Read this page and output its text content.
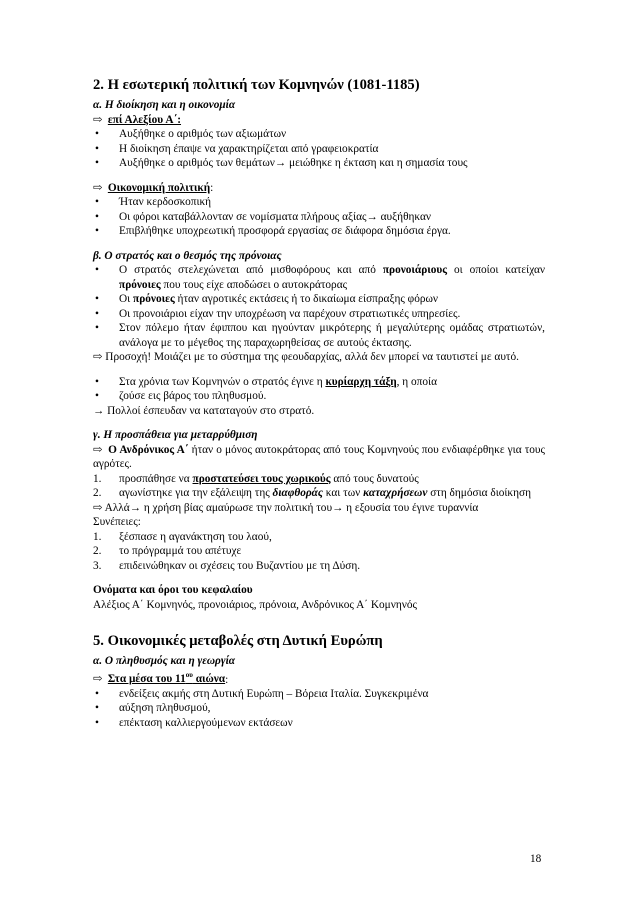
2. Η εσωτερική πολιτική των Κομνηνών (1081-1185)

α. Η διοίκηση και η οικονομία

⇨ επί Αλεξίου Α΄:

• Αυξήθηκε ο αριθμός των αξιωμάτων
• Η διοίκηση έπαψε να χαρακτηρίζεται από γραφειοκρατία
• Αυξήθηκε ο αριθμός των θεμάτων→ μειώθηκε η έκταση και η σημασία τους

⇨ Οικονομική πολιτική:

• Ήταν κερδοσκοπική
• Οι φόροι καταβάλλονταν σε νομίσματα πλήρους αξίας→ αυξήθηκαν
• Επιβλήθηκε υποχρεωτική προσφορά εργασίας σε διάφορα δημόσια έργα.

β. Ο στρατός και ο θεσμός της πρόνοιας

• Ο στρατός στελεχώνεται από μισθοφόρους και από προνοιάριους οι οποίοι κατείχαν πρόνοιες που τους είχε αποδώσει ο αυτοκράτορας
• Οι πρόνοιες ήταν αγροτικές εκτάσεις ή το δικαίωμα είσπραξης φόρων
• Οι προνοιάριοι είχαν την υποχρέωση να παρέχουν στρατιωτικές υπηρεσίες.
• Στον πόλεμο ήταν έφιππου και ηγούνταν μικρότερης ή μεγαλύτερης ομάδας στρατιωτών, ανάλογα με το μέγεθος της παραχωρηθείσας σε αυτούς έκτασης.

⇨ Προσοχή! Μοιάζει με το σύστημα της φεουδαρχίας, αλλά δεν μπορεί να ταυτιστεί με αυτό.

• Στα χρόνια των Κομνηνών ο στρατός έγινε η κυρίαρχη τάξη, η οποία
• ζούσε εις βάρος του πληθυσμού.

→ Πολλοί έσπευδαν να καταταγούν στο στρατό.

γ. Η προσπάθεια για μεταρρύθμιση

⇨ Ο Ανδρόνικος Α΄ ήταν ο μόνος αυτοκράτορας από τους Κομνηνούς που ενδιαφέρθηκε για τους αγρότες.

1. προσπάθησε να προστατεύσει τους χωρικούς από τους δυνατούς
2. αγωνίστηκε για την εξάλειψη της διαφθοράς και των καταχρήσεων στη δημόσια διοίκηση

⇨ Αλλά→ η χρήση βίας αμαύρωσε την πολιτική του→ η εξουσία του έγινε τυραννία

Συνέπειες:

1. ξέσπασε η αγανάκτηση του λαού,
2. το πρόγραμμά του απέτυχε
3. επιδεινώθηκαν οι σχέσεις του Βυζαντίου με τη Δύση.

Ονόματα και όροι του κεφαλαίου

Αλέξιος Α΄ Κομνηνός, προνοιάριος, πρόνοια, Ανδρόνικος Α΄ Κομνηνός

5. Οικονομικές μεταβολές στη Δυτική Ευρώπη

α. Ο πληθυσμός και η γεωργία

⇨ Στα μέσα του $11^{o\upsilon}$ αιώνα:

• ενδείξεις ακμής στη Δυτική Ευρώπη – Βόρεια Ιταλία. Συγκεκριμένα
• αύξηση πληθυσμού,
• επέκταση καλλιεργούμενων εκτάσεων
18
